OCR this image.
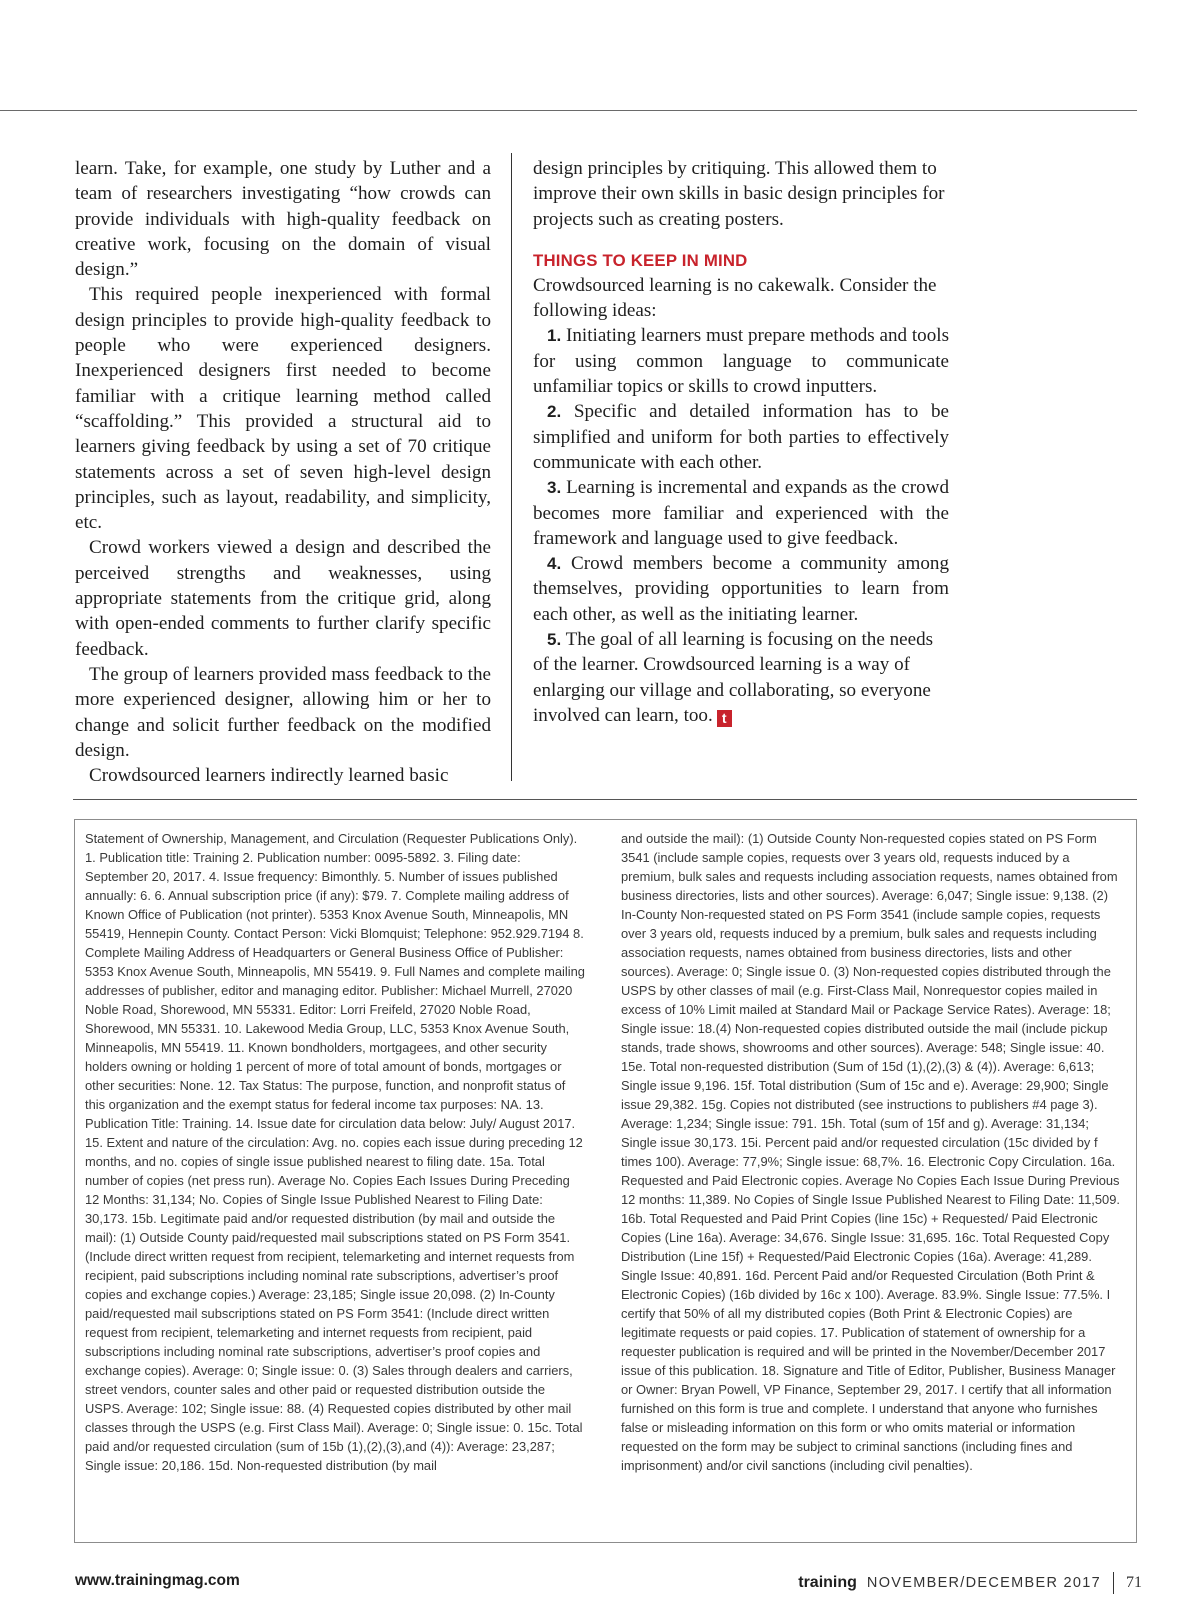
learn. Take, for example, one study by Luther and a team of researchers investigating “how crowds can provide individuals with high-quality feedback on creative work, focusing on the domain of visual design.”

This required people inexperienced with formal design principles to provide high-quality feedback to people who were experienced designers. Inexperienced designers first needed to become familiar with a critique learning method called “scaffolding.” This provided a structural aid to learners giving feedback by using a set of 70 critique statements across a set of seven high-level design principles, such as layout, readability, and simplicity, etc.

Crowd workers viewed a design and described the perceived strengths and weaknesses, using appropriate statements from the critique grid, along with open-ended comments to further clarify specific feedback.

The group of learners provided mass feedback to the more experienced designer, allowing him or her to change and solicit further feedback on the modified design.

Crowdsourced learners indirectly learned basic

design principles by critiquing. This allowed them to improve their own skills in basic design principles for projects such as creating posters.

THINGS TO KEEP IN MIND

Crowdsourced learning is no cakewalk. Consider the following ideas:

1. Initiating learners must prepare methods and tools for using common language to communicate unfamiliar topics or skills to crowd inputters.

2. Specific and detailed information has to be simplified and uniform for both parties to effectively communicate with each other.

3. Learning is incremental and expands as the crowd becomes more familiar and experienced with the framework and language used to give feedback.

4. Crowd members become a community among themselves, providing opportunities to learn from each other, as well as the initiating learner.

5. The goal of all learning is focusing on the needs of the learner. Crowdsourced learning is a way of enlarging our village and collaborating, so everyone involved can learn, too. t

Statement of Ownership, Management, and Circulation (Requester Publications Only). 1. Publication title: Training 2. Publication number: 0095-5892. 3. Filing date: September 20, 2017. 4. Issue frequency: Bimonthly. 5. Number of issues published annually: 6. 6. Annual subscription price (if any): $79. 7. Complete mailing address of Known Office of Publication (not printer). 5353 Knox Avenue South, Minneapolis, MN 55419, Hennepin County. Contact Person: Vicki Blomquist; Telephone: 952.929.7194 8. Complete Mailing Address of Headquarters or General Business Office of Publisher: 5353 Knox Avenue South, Minneapolis, MN 55419. 9. Full Names and complete mailing addresses of publisher, editor and managing editor. Publisher: Michael Murrell, 27020 Noble Road, Shorewood, MN 55331. Editor: Lorri Freifeld, 27020 Noble Road, Shorewood, MN 55331. 10. Lakewood Media Group, LLC, 5353 Knox Avenue South, Minneapolis, MN 55419. 11. Known bondholders, mortgagees, and other security holders owning or holding 1 percent of more of total amount of bonds, mortgages or other securities: None. 12. Tax Status: The purpose, function, and nonprofit status of this organization and the exempt status for federal income tax purposes: NA. 13. Publication Title: Training. 14. Issue date for circulation data below: July/ August 2017. 15. Extent and nature of the circulation: Avg. no. copies each issue during preceding 12 months, and no. copies of single issue published nearest to filing date. 15a. Total number of copies (net press run). Average No. Copies Each Issues During Preceding 12 Months: 31,134; No. Copies of Single Issue Published Nearest to Filing Date: 30,173. 15b. Legitimate paid and/or requested distribution (by mail and outside the mail): (1) Outside County paid/requested mail subscriptions stated on PS Form 3541. (Include direct written request from recipient, telemarketing and internet requests from recipient, paid subscriptions including nominal rate subscriptions, advertiser’s proof copies and exchange copies.) Average: 23,185; Single issue 20,098. (2) In-County paid/requested mail subscriptions stated on PS Form 3541: (Include direct written request from recipient, telemarketing and internet requests from recipient, paid subscriptions including nominal rate subscriptions, advertiser’s proof copies and exchange copies). Average: 0; Single issue: 0. (3) Sales through dealers and carriers, street vendors, counter sales and other paid or requested distribution outside the USPS. Average: 102; Single issue: 88. (4) Requested copies distributed by other mail classes through the USPS (e.g. First Class Mail). Average: 0; Single issue: 0. 15c. Total paid and/or requested circulation (sum of 15b (1),(2),(3),and (4)): Average: 23,287; Single issue: 20,186. 15d. Non-requested distribution (by mail

and outside the mail): (1) Outside County Non-requested copies stated on PS Form 3541 (include sample copies, requests over 3 years old, requests induced by a premium, bulk sales and requests including association requests, names obtained from business directories, lists and other sources). Average: 6,047; Single issue: 9,138. (2) In-County Non-requested stated on PS Form 3541 (include sample copies, requests over 3 years old, requests induced by a premium, bulk sales and requests including association requests, names obtained from business directories, lists and other sources). Average: 0; Single issue 0. (3) Non-requested copies distributed through the USPS by other classes of mail (e.g. First-Class Mail, Nonrequestor copies mailed in excess of 10% Limit mailed at Standard Mail or Package Service Rates). Average: 18; Single issue: 18.(4) Non-requested copies distributed outside the mail (include pickup stands, trade shows, showrooms and other sources). Average: 548; Single issue: 40. 15e. Total non-requested distribution (Sum of 15d (1),(2),(3) & (4)). Average: 6,613; Single issue 9,196. 15f. Total distribution (Sum of 15c and e). Average: 29,900; Single issue 29,382. 15g. Copies not distributed (see instructions to publishers #4 page 3). Average: 1,234; Single issue: 791. 15h. Total (sum of 15f and g). Average: 31,134; Single issue 30,173. 15i. Percent paid and/or requested circulation (15c divided by f times 100). Average: 77,9%; Single issue: 68,7%. 16. Electronic Copy Circulation. 16a. Requested and Paid Electronic copies. Average No Copies Each Issue During Previous 12 months: 11,389. No Copies of Single Issue Published Nearest to Filing Date: 11,509. 16b. Total Requested and Paid Print Copies (line 15c) + Requested/ Paid Electronic Copies (Line 16a). Average: 34,676. Single Issue: 31,695. 16c. Total Requested Copy Distribution (Line 15f) + Requested/Paid Electronic Copies (16a). Average: 41,289. Single Issue: 40,891. 16d. Percent Paid and/or Requested Circulation (Both Print & Electronic Copies) (16b divided by 16c x 100). Average. 83.9%. Single Issue: 77.5%. I certify that 50% of all my distributed copies (Both Print & Electronic Copies) are legitimate requests or paid copies. 17. Publication of statement of ownership for a requester publication is required and will be printed in the November/December 2017 issue of this publication. 18. Signature and Title of Editor, Publisher, Business Manager or Owner: Bryan Powell, VP Finance, September 29, 2017. I certify that all information furnished on this form is true and complete. I understand that anyone who furnishes false or misleading information on this form or who omits material or information requested on the form may be subject to criminal sanctions (including fines and imprisonment) and/or civil sanctions (including civil penalties).

www.trainingmag.com	training NOVEMBER/DECEMBER 2017 71
